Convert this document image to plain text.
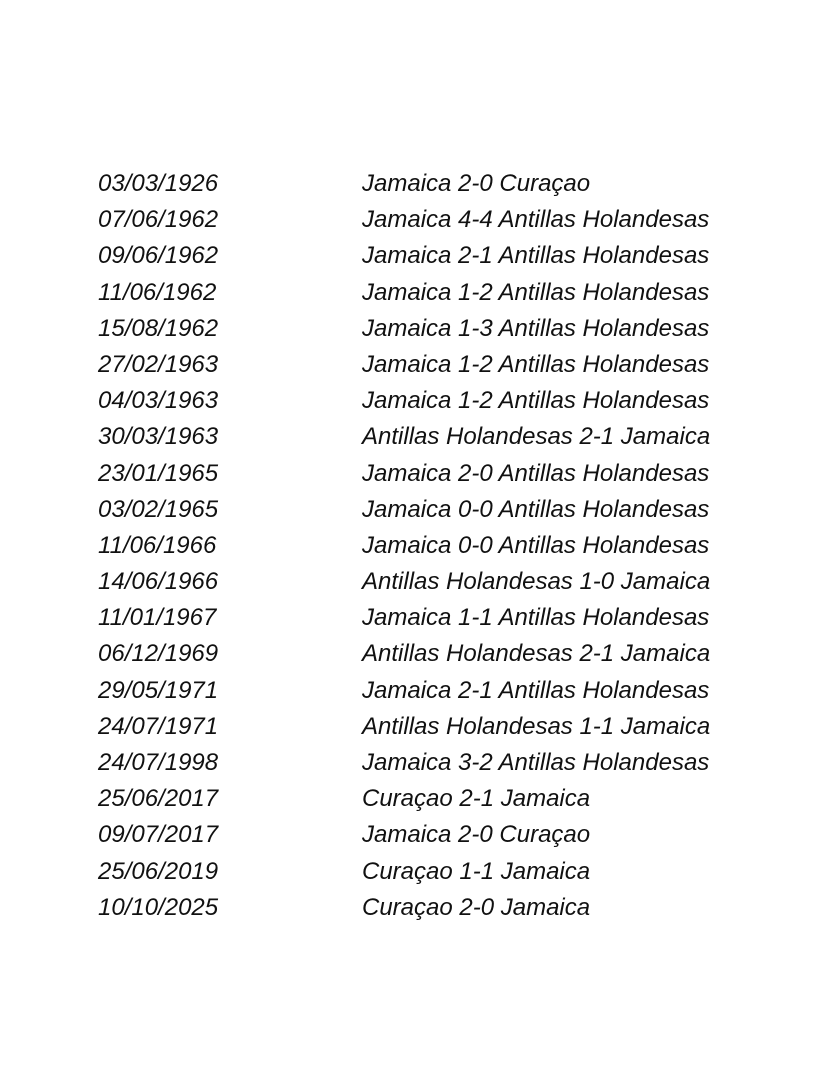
03/03/1926	Jamaica 2-0 Curaçao
07/06/1962	Jamaica 4-4 Antillas Holandesas
09/06/1962	Jamaica 2-1 Antillas Holandesas
11/06/1962	Jamaica 1-2 Antillas Holandesas
15/08/1962	Jamaica 1-3 Antillas Holandesas
27/02/1963	Jamaica 1-2 Antillas Holandesas
04/03/1963	Jamaica 1-2 Antillas Holandesas
30/03/1963	Antillas Holandesas 2-1 Jamaica
23/01/1965	Jamaica 2-0 Antillas Holandesas
03/02/1965	Jamaica 0-0 Antillas Holandesas
11/06/1966	Jamaica 0-0 Antillas Holandesas
14/06/1966	Antillas Holandesas 1-0 Jamaica
11/01/1967	Jamaica 1-1 Antillas Holandesas
06/12/1969	Antillas Holandesas 2-1 Jamaica
29/05/1971	Jamaica 2-1 Antillas Holandesas
24/07/1971	Antillas Holandesas 1-1 Jamaica
24/07/1998	Jamaica 3-2 Antillas Holandesas
25/06/2017	Curaçao 2-1 Jamaica
09/07/2017	Jamaica 2-0 Curaçao
25/06/2019	Curaçao 1-1 Jamaica
10/10/2025	Curaçao 2-0 Jamaica
